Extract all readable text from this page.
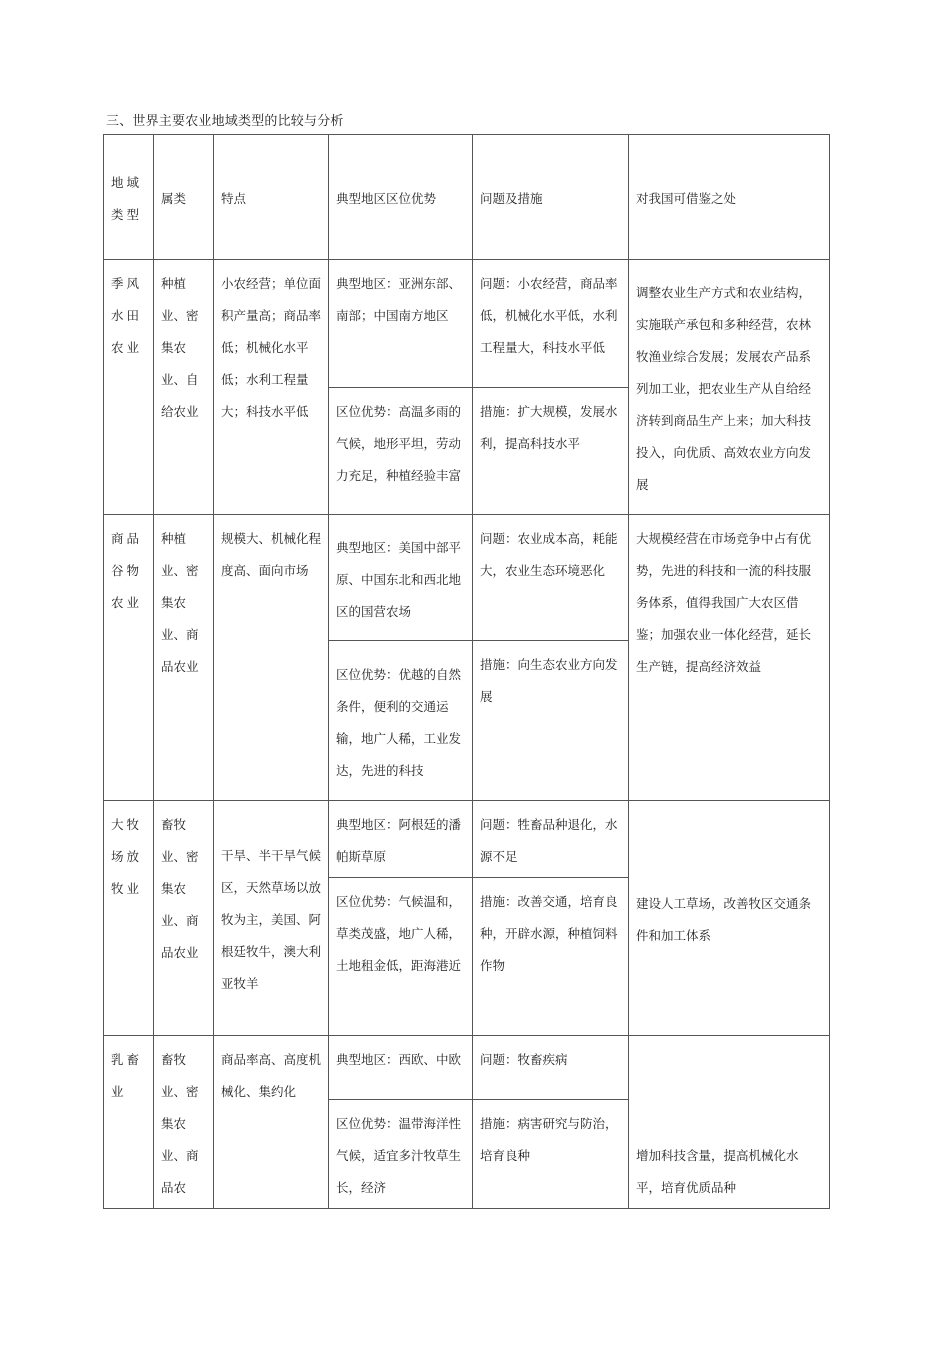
三、世界主要农业地域类型的比较与分析
地域类型	属类	特点	典型地区区位优势	问题及措施	对我国可借鉴之处
季风水田农业	种植业、密集农业、自给农业	小农经营；单位面积产量高；商品率低；机械化水平低；水利工程量大；科技水平低	典型地区：亚洲东部、南部；中国南方地区	问题：小农经营，商品率低，机械化水平低，水利工程量大，科技水平低	调整农业生产方式和农业结构，实施联产承包和多种经营，农林牧渔业综合发展；发展农产品系列加工业，把农业生产从自给经济转到商品生产上来；加大科技投入，向优质、高效农业方向发展
			区位优势：高温多雨的气候，地形平坦，劳动力充足，种植经验丰富	措施：扩大规模，发展水利，提高科技水平	
商品谷物农业	种植业、密集农业、商品农业	规模大、机械化程度高、面向市场	典型地区：美国中部平原、中国东北和西北地区的国营农场	问题：农业成本高，耗能大，农业生态环境恶化	大规模经营在市场竞争中占有优势，先进的科技和一流的科技服务体系，值得我国广大农区借鉴；加强农业一体化经营，延长生产链，提高经济效益
			区位优势：优越的自然条件，便利的交通运输，地广人稀，工业发达，先进的科技	措施：向生态农业方向发展	
大牧场放牧业	畜牧业、密集农业、商品农业	干旱、半干旱气候区，天然草场以放牧为主，美国、阿根廷牧牛，澳大利亚牧羊	典型地区：阿根廷的潘帕斯草原	问题：牲畜品种退化，水源不足	建设人工草场，改善牧区交通条件和加工体系
			区位优势：气候温和，草类茂盛，地广人稀，土地租金低，距海港近	措施：改善交通，培育良种，开辟水源，种植饲料作物	
乳畜业	畜牧业、密集农业、商品农	商品率高、高度机械化、集约化	典型地区：西欧、中欧	问题：牧畜疾病	增加科技含量，提高机械化水平，培育优质品种
			区位优势：温带海洋性气候，适宜多汁牧草生长，经济	措施：病害研究与防治，培育良种	
